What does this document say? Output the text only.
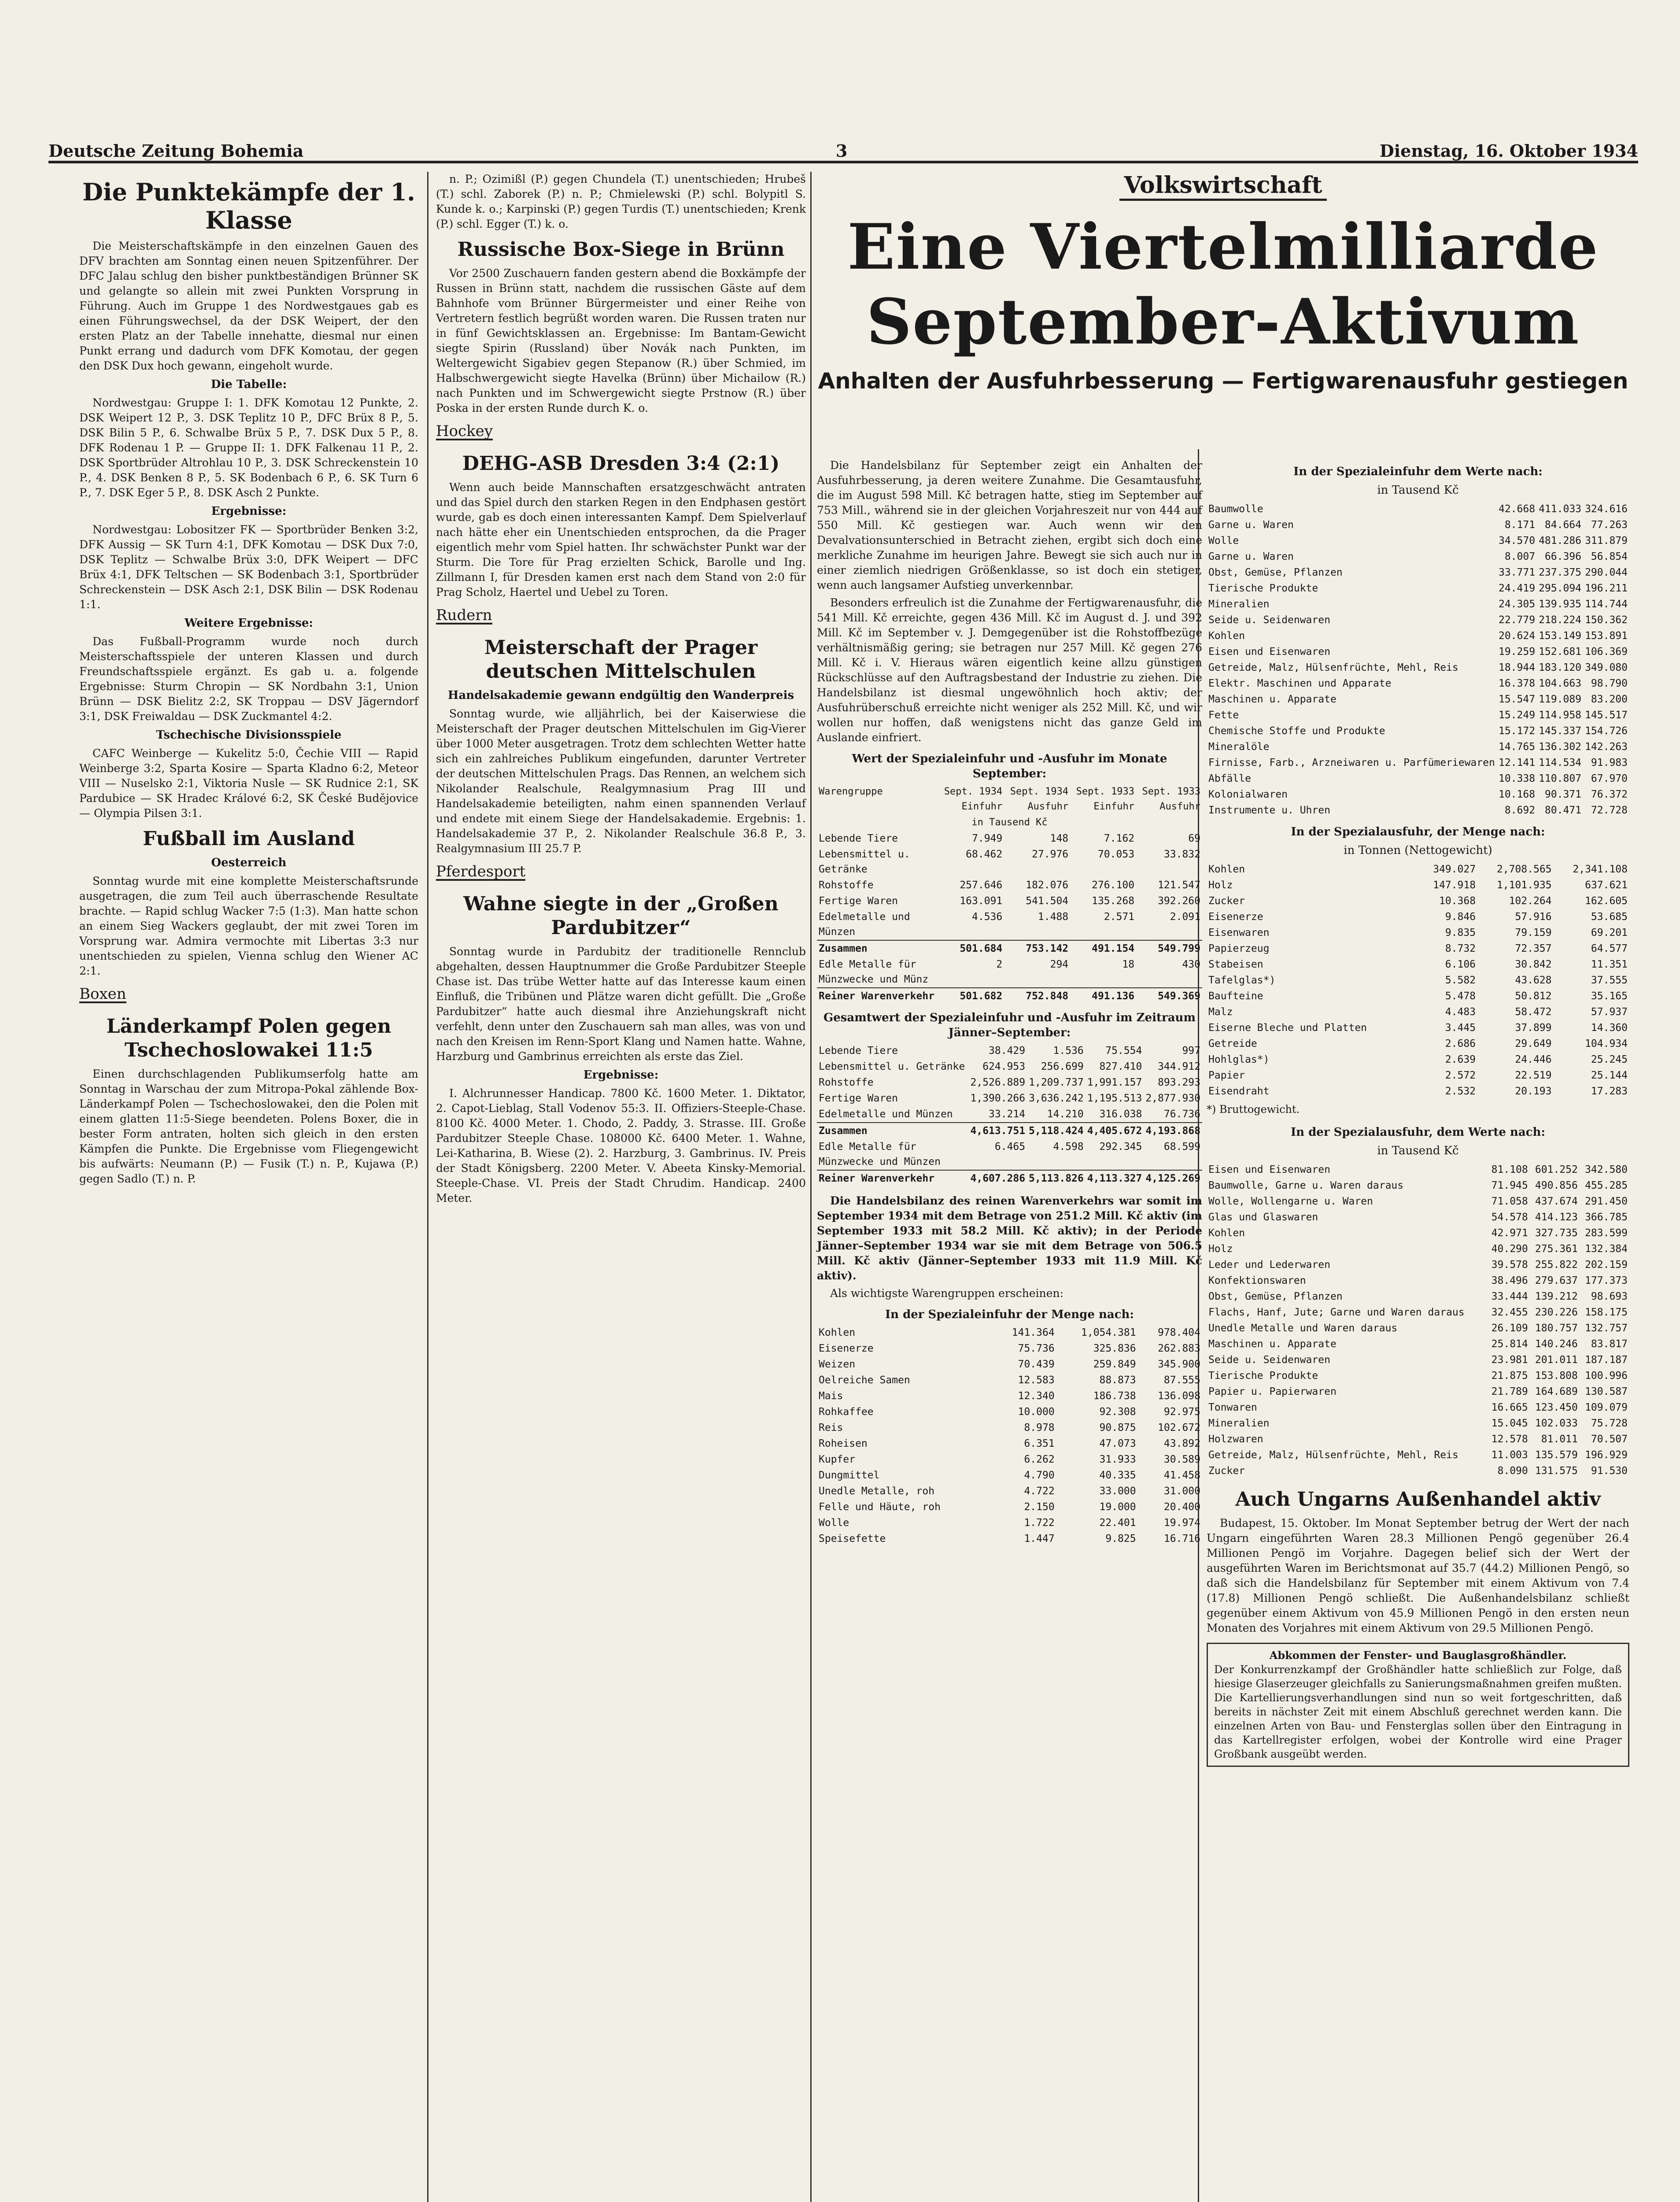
Deutsche Zeitung Bohemia	3	Dienstag, 16. Oktober 1934
Die Punktekämpfe der 1. Klasse

Die Meisterschaftskämpfe in den einzelnen Gauen des DFV brachten am Sonntag einen neuen Spitzenführer. Der DFC Jalau schlug den bisher punktbeständigen Brünner SK und gelangte so allein mit zwei Punkten Vorsprung in Führung. Auch im Gruppe 1 des Nordwestgaues gab es einen Führungswechsel, da der DSK Weipert, der den ersten Platz an der Tabelle innehatte, diesmal nur einen Punkt errang und dadurch vom DFK Komotau, der gegen den DSK Dux hoch gewann, eingeholt wurde.

Die Tabelle:

Nordwestgau: Gruppe I: 1. DFK Komotau 12 Punkte, 2. DSK Weipert 12 P., 3. DSK Teplitz 10 P., DFC Brüx 8 P., 5. DSK Bilin 5 P., 6. Schwalbe Brüx 5 P., 7. DSK Dux 5 P., 8. DFK Rodenau 1 P. — Gruppe II: 1. DFK Falkenau 11 P., 2. DSK Sportbrüder Altrohlau 10 P., 3. DSK Schreckenstein 10 P., 4. DSK Benken 8 P., 5. SK Bodenbach 6 P., 6. SK Turn 6 P., 7. DSK Eger 5 P., 8. DSK Asch 2 Punkte.

Ergebnisse:

Nordwestgau: Lobositzer FK — Sportbrüder Benken 3:2, DFK Aussig — SK Turn 4:1, DFK Komotau — DSK Dux 7:0, DSK Teplitz — Schwalbe Brüx 3:0, DFK Weipert — DFC Brüx 4:1, DFK Teltschen — SK Bodenbach 3:1, Sportbrüder Schreckenstein — DSK Asch 2:1, DSK Bilin — DSK Rodenau 1:1.

Weitere Ergebnisse:

Das Fußball-Programm wurde noch durch Meisterschaftsspiele der unteren Klassen und durch Freundschaftsspiele ergänzt. Es gab u. a. folgende Ergebnisse: Sturm Chropin — SK Nordbahn 3:1, Union Brünn — DSK Bielitz 2:2, SK Troppau — DSV Jägerndorf 3:1, DSK Freiwaldau — DSK Zuckmantel 4:2.

Tschechische Divisionsspiele

CAFC Weinberge — Kukelitz 5:0, Čechie VIII — Rapid Weinberge 3:2, Sparta Kosire — Sparta Kladno 6:2, Meteor VIII — Nuselsko 2:1, Viktoria Nusle — SK Rudnice 2:1, SK Pardubice — SK Hradec Králové 6:2, SK České Budějovice — Olympia Pilsen 3:1.

Fußball im Ausland
Oesterreich

Sonntag wurde mit eine komplette Meisterschaftsrunde ausgetragen, die zum Teil auch überraschende Resultate brachte. — Rapid schlug Wacker 7:5 (1:3). Man hatte schon an einem Sieg Wackers geglaubt, der mit zwei Toren im Vorsprung war. Admira vermochte mit Libertas 3:3 nur unentschieden zu spielen, Vienna schlug den Wiener AC 2:1.

Boxen
Länderkampf Polen gegen Tschechoslowakei 11:5

Einen durchschlagenden Publikumserfolg hatte am Sonntag in Warschau der zum Mitropa-Pokal zählende Box-Länderkampf Polen — Tschechoslowakei, den die Polen mit einem glatten 11:5-Siege beendeten. Polens Boxer, die in bester Form antraten, holten sich gleich in den ersten Kämpfen die Punkte. Die Ergebnisse vom Fliegengewicht bis aufwärts: Neumann (P.) — Fusik (T.) n. P., Kujawa (P.) gegen Sadlo (T.) n. P.

n. P.; Ozimißl (P.) gegen Chundela (T.) unentschieden; Hrubeš (T.) schl. Zaborek (P.) n. P.; Chmielewski (P.) schl. Bolypitl S. Kunde k. o.; Karpinski (P.) gegen Turdis (T.) unentschieden; Krenk (P.) schl. Egger (T.) k. o.

Russische Box-Siege in Brünn

Vor 2500 Zuschauern fanden gestern abend die Boxkämpfe der Russen in Brünn statt, nachdem die russischen Gäste auf dem Bahnhofe vom Brünner Bürgermeister und einer Reihe von Vertretern festlich begrüßt worden waren. Die Russen traten nur in fünf Gewichtsklassen an. Ergebnisse: Im Bantam-Gewicht siegte Spirin (Russland) über Novák nach Punkten, im Weltergewicht Sigabiev gegen Stepanow (R.) über Schmied, im Halbschwergewicht siegte Havelka (Brünn) über Michailow (R.) nach Punkten und im Schwergewicht siegte Prstnow (R.) über Poska in der ersten Runde durch K. o.

Hockey
DEHG-ASB Dresden 3:4 (2:1)

Wenn auch beide Mannschaften ersatzgeschwächt antraten und das Spiel durch den starken Regen in den Endphasen gestört wurde, gab es doch einen interessanten Kampf. Dem Spielverlauf nach hätte eher ein Unentschieden entsprochen, da die Prager eigentlich mehr vom Spiel hatten. Ihr schwächster Punkt war der Sturm. Die Tore für Prag erzielten Schick, Barolle und Ing. Zillmann I, für Dresden kamen erst nach dem Stand von 2:0 für Prag Scholz, Haertel und Uebel zu Toren.

Rudern
Meisterschaft der Prager deutschen Mittelschulen
Handelsakademie gewann endgültig den Wanderpreis

Sonntag wurde, wie alljährlich, bei der Kaiserwiese die Meisterschaft der Prager deutschen Mittelschulen im Gig-Vierer über 1000 Meter ausgetragen. Trotz dem schlechten Wetter hatte sich ein zahlreiches Publikum eingefunden, darunter Vertreter der deutschen Mittelschulen Prags. Das Rennen, an welchem sich Nikolander Realschule, Realgymnasium Prag III und Handelsakademie beteiligten, nahm einen spannenden Verlauf und endete mit einem Siege der Handelsakademie. Ergebnis: 1. Handelsakademie 37 P., 2. Nikolander Realschule 36.8 P., 3. Realgymnasium III 25.7 P.

Pferdesport
Wahne siegte in der „Großen Pardubitzer“

Sonntag wurde in Pardubitz der traditionelle Rennclub abgehalten, dessen Hauptnummer die Große Pardubitzer Steeple Chase ist. Das trübe Wetter hatte auf das Interesse kaum einen Einfluß, die Tribünen und Plätze waren dicht gefüllt. Die „Große Pardubitzer“ hatte auch diesmal ihre Anziehungskraft nicht verfehlt, denn unter den Zuschauern sah man alles, was von und nach den Kreisen im Renn-Sport Klang und Namen hatte. Wahne, Harzburg und Gambrinus erreichten als erste das Ziel.

Ergebnisse:

I. Alchrunnesser Handicap. 7800 Kč. 1600 Meter. 1. Diktator, 2. Capot-Lieblag, Stall Vodenov 55:3. II. Offiziers-Steeple-Chase. 8100 Kč. 4000 Meter. 1. Chodo, 2. Paddy, 3. Strasse. III. Große Pardubitzer Steeple Chase. 108000 Kč. 6400 Meter. 1. Wahne, Lei-Katharina, B. Wiese (2). 2. Harzburg, 3. Gambrinus. IV. Preis der Stadt Königsberg. 2200 Meter. V. Abeeta Kinsky-Memorial. Steeple-Chase. VI. Preis der Stadt Chrudim. Handicap. 2400 Meter.

Volkswirtschaft
Eine Viertelmilliarde
September-Aktivum
Anhalten der Ausfuhrbesserung — Fertigwarenausfuhr gestiegen

Die Handelsbilanz für September zeigt ein Anhalten der Ausfuhrbesserung, ja deren weitere Zunahme. Die Gesamtausfuhr, die im August 598 Mill. Kč betragen hatte, stieg im September auf 753 Mill., während sie in der gleichen Vorjahreszeit nur von 444 auf 550 Mill. Kč gestiegen war. Auch wenn wir den Devalvationsunterschied in Betracht ziehen, ergibt sich doch eine merkliche Zunahme im heurigen Jahre. Bewegt sie sich auch nur in einer ziemlich niedrigen Größenklasse, so ist doch ein stetiger, wenn auch langsamer Aufstieg unverkennbar.

Besonders erfreulich ist die Zunahme der Fertigwarenausfuhr, die 541 Mill. Kč erreichte, gegen 436 Mill. Kč im August d. J. und 392 Mill. Kč im September v. J. Demgegenüber ist die Rohstoffbezüge verhältnismäßig gering; sie betragen nur 257 Mill. Kč gegen 276 Mill. Kč i. V. Hieraus wären eigentlich keine allzu günstigen Rückschlüsse auf den Auftragsbestand der Industrie zu ziehen. Die Handelsbilanz ist diesmal ungewöhnlich hoch aktiv; der Ausfuhrüberschuß erreichte nicht weniger als 252 Mill. Kč, und wir wollen nur hoffen, daß wenigstens nicht das ganze Geld im Auslande einfriert.

Wert der Spezialeinfuhr und -Ausfuhr im Monate September:
Warengruppe	Sept. 1934 Einfuhr	Sept. 1934 Ausfuhr	Sept. 1933 Einfuhr	Sept. 1933 Ausfuhr
in Tausend Kč				
Lebende Tiere	7.949	148	7.162	69
Lebensmittel u. Getränke	68.462	27.976	70.053	33.832
Rohstoffe	257.646	182.076	276.100	121.547
Fertige Waren	163.091	541.504	135.268	392.260
Edelmetalle und Münzen	4.536	1.488	2.571	2.091
Zusammen	501.684	753.142	491.154	549.799
Edle Metalle für Münzwecke und Münz	2	294	18	430
Reiner Warenverkehr	501.682	752.848	491.136	549.369
Gesamtwert der Spezialeinfuhr und -Ausfuhr im Zeitraum Jänner–September:
Lebende Tiere	38.429	1.536	75.554	997
Lebensmittel u. Getränke	624.953	256.699	827.410	344.912
Rohstoffe	2,526.889	1,209.737	1,991.157	893.293
Fertige Waren	1,390.266	3,636.242	1,195.513	2,877.930
Edelmetalle und Münzen	33.214	14.210	316.038	76.736
Zusammen	4,613.751	5,118.424	4,405.672	4,193.868
Edle Metalle für Münzwecke und Münzen	6.465	4.598	292.345	68.599
Reiner Warenverkehr	4,607.286	5,113.826	4,113.327	4,125.269

Die Handelsbilanz des reinen Warenverkehrs war somit im September 1934 mit dem Betrage von 251.2 Mill. Kč aktiv (im September 1933 mit 58.2 Mill. Kč aktiv); in der Periode Jänner–September 1934 war sie mit dem Betrage von 506.5 Mill. Kč aktiv (Jänner–September 1933 mit 11.9 Mill. Kč aktiv).

Als wichtigste Warengruppen erscheinen:

In der Spezialeinfuhr der Menge nach:
Kohlen	141.364	1,054.381	978.404
Eisenerze	75.736	325.836	262.883
Weizen	70.439	259.849	345.900
Oelreiche Samen	12.583	88.873	87.555
Mais	12.340	186.738	136.098
Rohkaffee	10.000	92.308	92.975
Reis	8.978	90.875	102.672
Roheisen	6.351	47.073	43.892
Kupfer	6.262	31.933	30.589
Dungmittel	4.790	40.335	41.458
Unedle Metalle, roh	4.722	33.000	31.000
Felle und Häute, roh	2.150	19.000	20.400
Wolle	1.722	22.401	19.974
Speisefette	1.447	9.825	16.716
In der Spezialeinfuhr dem Werte nach:
in Tausend Kč
Baumwolle	42.668	411.033	324.616
Garne u. Waren	8.171	84.664	77.263
Wolle	34.570	481.286	311.879
Garne u. Waren	8.007	66.396	56.854
Obst, Gemüse, Pflanzen	33.771	237.375	290.044
Tierische Produkte	24.419	295.094	196.211
Mineralien	24.305	139.935	114.744
Seide u. Seidenwaren	22.779	218.224	150.362
Kohlen	20.624	153.149	153.891
Eisen und Eisenwaren	19.259	152.681	106.369
Getreide, Malz, Hülsenfrüchte, Mehl, Reis	18.944	183.120	349.080
Elektr. Maschinen und Apparate	16.378	104.663	98.790
Maschinen u. Apparate	15.547	119.089	83.200
Fette	15.249	114.958	145.517
Chemische Stoffe und Produkte	15.172	145.337	154.726
Mineralöle	14.765	136.302	142.263
Firnisse, Farb., Arzneiwaren u. Parfümeriewaren	12.141	114.534	91.983
Abfälle	10.338	110.807	67.970
Kolonialwaren	10.168	90.371	76.372
Instrumente u. Uhren	8.692	80.471	72.728
In der Spezialausfuhr, der Menge nach:
in Tonnen (Nettogewicht)
Kohlen	349.027	2,708.565	2,341.108
Holz	147.918	1,101.935	637.621
Zucker	10.368	102.264	162.605
Eisenerze	9.846	57.916	53.685
Eisenwaren	9.835	79.159	69.201
Papierzeug	8.732	72.357	64.577
Stabeisen	6.106	30.842	11.351
Tafelglas*)	5.582	43.628	37.555
Baufteine	5.478	50.812	35.165
Malz	4.483	58.472	57.937
Eiserne Bleche und Platten	3.445	37.899	14.360
Getreide	2.686	29.649	104.934
Hohlglas*)	2.639	24.446	25.245
Papier	2.572	22.519	25.144
Eisendraht	2.532	20.193	17.283
*) Bruttogewicht.
In der Spezialausfuhr, dem Werte nach:
in Tausend Kč
Eisen und Eisenwaren	81.108	601.252	342.580
Baumwolle, Garne u. Waren daraus	71.945	490.856	455.285
Wolle, Wollengarne u. Waren	71.058	437.674	291.450
Glas und Glaswaren	54.578	414.123	366.785
Kohlen	42.971	327.735	283.599
Holz	40.290	275.361	132.384
Leder und Lederwaren	39.578	255.822	202.159
Konfektionswaren	38.496	279.637	177.373
Obst, Gemüse, Pflanzen	33.444	139.212	98.693
Flachs, Hanf, Jute; Garne und Waren daraus	32.455	230.226	158.175
Unedle Metalle und Waren daraus	26.109	180.757	132.757
Maschinen u. Apparate	25.814	140.246	83.817
Seide u. Seidenwaren	23.981	201.011	187.187
Tierische Produkte	21.875	153.808	100.996
Papier u. Papierwaren	21.789	164.689	130.587
Tonwaren	16.665	123.450	109.079
Mineralien	15.045	102.033	75.728
Holzwaren	12.578	81.011	70.507
Getreide, Malz, Hülsenfrüchte, Mehl, Reis	11.003	135.579	196.929
Zucker	8.090	131.575	91.530
Auch Ungarns Außenhandel aktiv

Budapest, 15. Oktober. Im Monat September betrug der Wert der nach Ungarn eingeführten Waren 28.3 Millionen Pengö gegenüber 26.4 Millionen Pengö im Vorjahre. Dagegen belief sich der Wert der ausgeführten Waren im Berichtsmonat auf 35.7 (44.2) Millionen Pengö, so daß sich die Handelsbilanz für September mit einem Aktivum von 7.4 (17.8) Millionen Pengö schließt. Die Außenhandelsbilanz schließt gegenüber einem Aktivum von 45.9 Millionen Pengö in den ersten neun Monaten des Vorjahres mit einem Aktivum von 29.5 Millionen Pengö.

Abkommen der Fenster- und Bauglasgroßhändler.
Der Konkurrenzkampf der Großhändler hatte schließlich zur Folge, daß hiesige Glaserzeuger gleichfalls zu Sanierungsmaßnahmen greifen mußten. Die Kartellierungsverhandlungen sind nun so weit fortgeschritten, daß bereits in nächster Zeit mit einem Abschluß gerechnet werden kann. Die einzelnen Arten von Bau- und Fensterglas sollen über den Eintragung in das Kartellregister erfolgen, wobei der Kontrolle wird eine Prager Großbank ausgeübt werden.
